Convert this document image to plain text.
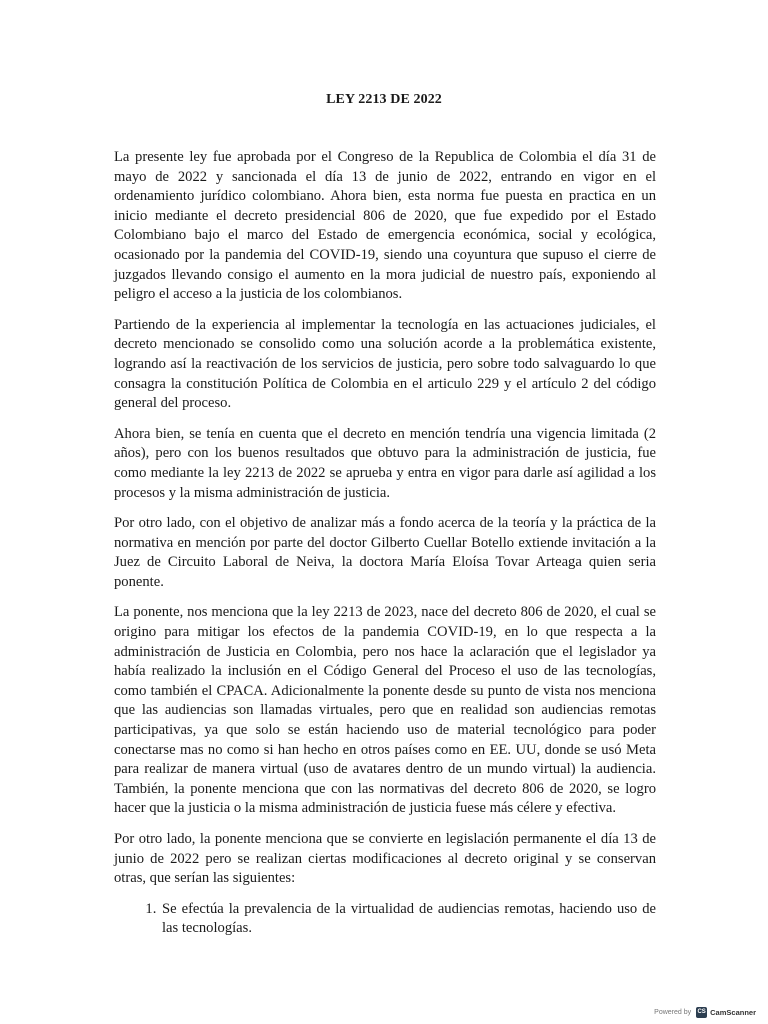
LEY 2213 DE 2022

La presente ley fue aprobada por el Congreso de la Republica de Colombia el día 31 de mayo de 2022 y sancionada el día 13 de junio de 2022, entrando en vigor en el ordenamiento jurídico colombiano. Ahora bien, esta norma fue puesta en practica en un inicio mediante el decreto presidencial 806 de 2020, que fue expedido por el Estado Colombiano bajo el marco del Estado de emergencia económica, social y ecológica, ocasionado por la pandemia del COVID-19, siendo una coyuntura que supuso el cierre de juzgados llevando consigo el aumento en la mora judicial de nuestro país, exponiendo al peligro el acceso a la justicia de los colombianos.

Partiendo de la experiencia al implementar la tecnología en las actuaciones judiciales, el decreto mencionado se consolido como una solución acorde a la problemática existente, logrando así la reactivación de los servicios de justicia, pero sobre todo salvaguardo lo que consagra la constitución Política de Colombia en el articulo 229 y el artículo 2 del código general del proceso.

Ahora bien, se tenía en cuenta que el decreto en mención tendría una vigencia limitada (2 años), pero con los buenos resultados que obtuvo para la administración de justicia, fue como mediante la ley 2213 de 2022 se aprueba y entra en vigor para darle así agilidad a los procesos y la misma administración de justicia.

Por otro lado, con el objetivo de analizar más a fondo acerca de la teoría y la práctica de la normativa en mención por parte del doctor Gilberto Cuellar Botello extiende invitación a la Juez de Circuito Laboral de Neiva, la doctora María Eloísa Tovar Arteaga quien seria ponente.

La ponente, nos menciona que la ley 2213 de 2023, nace del decreto 806 de 2020, el cual se origino para mitigar los efectos de la pandemia COVID-19, en lo que respecta a la administración de Justicia en Colombia, pero nos hace la aclaración que el legislador ya había realizado la inclusión en el Código General del Proceso el uso de las tecnologías, como también el CPACA. Adicionalmente la ponente desde su punto de vista nos menciona que las audiencias son llamadas virtuales, pero que en realidad son audiencias remotas participativas, ya que solo se están haciendo uso de material tecnológico para poder conectarse mas no como si han hecho en otros países como en EE. UU, donde se usó Meta para realizar de manera virtual (uso de avatares dentro de un mundo virtual) la audiencia. También, la ponente menciona que con las normativas del decreto 806 de 2020, se logro hacer que la justicia o la misma administración de justicia fuese más célere y efectiva.

Por otro lado, la ponente menciona que se convierte en legislación permanente el día 13 de junio de 2022 pero se realizan ciertas modificaciones al decreto original y se conservan otras, que serían las siguientes:

1. Se efectúa la prevalencia de la virtualidad de audiencias remotas, haciendo uso de las tecnologías.
Powered by CS CamScanner
